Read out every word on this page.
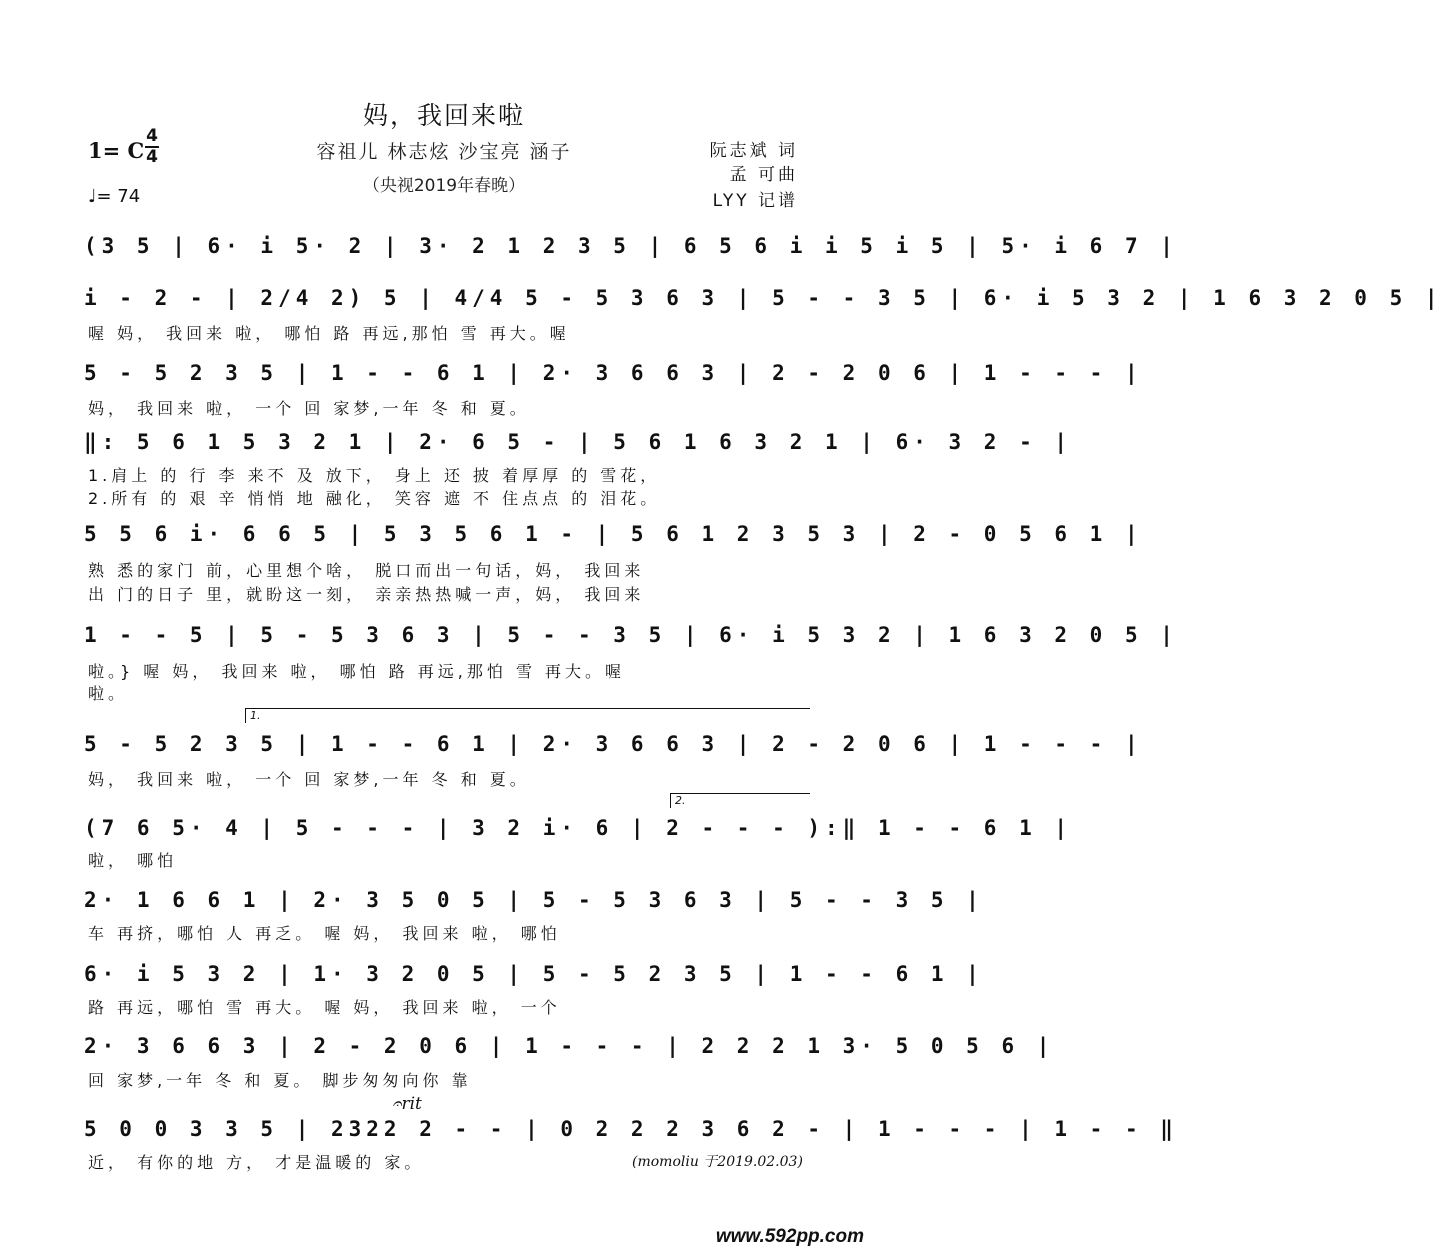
妈，我回来啦
容祖儿 林志炫 沙宝亮 涵子
（央视2019年春晚）
1= C
4
4
♩= 74
阮志斌 词
孟 可曲
LYY 记谱
(3 5 | 6· i 5· 2 | 3· 2 1 2 3 5 | 6 5 6 i i 5 i 5 | 5· i 6 7 |
i - 2 - | 2/4 2) 5 | 4/4 5 - 5 3 6 3 | 5 - - 3 5 | 6· i 5 3 2 | 1 6 3 2 0 5 |
喔 妈， 我回来 啦， 哪怕 路 再远,那怕 雪 再大。喔
5 - 5 2 3 5 | 1 - - 6 1 | 2· 3 6 6 3 | 2 - 2 0 6 | 1 - - - |
妈， 我回来 啦， 一个 回 家梦,一年 冬 和 夏。
‖: 5 6 1 5 3 2 1 | 2· 6 5 - | 5 6 1 6 3 2 1 | 6· 3 2 - |
1.肩上 的 行 李 来不 及 放下， 身上 还 披 着厚厚 的 雪花，
2.所有 的 艰 辛 悄悄 地 融化， 笑容 遮 不 住点点 的 泪花。
5 5 6 i· 6 6 5 | 5 3 5 6 1 - | 5 6 1 2 3 5 3 | 2 - 0 5 6 1 |
熟 悉的家门 前，心里想个啥， 脱口而出一句话，妈， 我回来
出 门的日子 里，就盼这一刻， 亲亲热热喊一声，妈， 我回来
1 - - 5 | 5 - 5 3 6 3 | 5 - - 3 5 | 6· i 5 3 2 | 1 6 3 2 0 5 |
啦。} 喔 妈， 我回来 啦， 哪怕 路 再远,那怕 雪 再大。喔
啦。
1.
5 - 5 2 3 5 | 1 - - 6 1 | 2· 3 6 6 3 | 2 - 2 0 6 | 1 - - - |
妈， 我回来 啦， 一个 回 家梦,一年 冬 和 夏。
2.
(7 6 5· 4 | 5 - - - | 3 2 i· 6 | 2 - - - ):‖ 1 - - 6 1 |
啦， 哪怕
2· 1 6 6 1 | 2· 3 5 0 5 | 5 - 5 3 6 3 | 5 - - 3 5 |
车 再挤，哪怕 人 再乏。 喔 妈， 我回来 啦， 哪怕
6· i 5 3 2 | 1· 3 2 0 5 | 5 - 5 2 3 5 | 1 - - 6 1 |
路 再远，哪怕 雪 再大。 喔 妈， 我回来 啦， 一个
2· 3 6 6 3 | 2 - 2 0 6 | 1 - - - | 2 2 2 1 3· 5 0 5 6 |
回 家梦,一年 冬 和 夏。 脚步匆匆向你 靠
𝄐rit
5 0 0 3 3 5 | 2322 2 - - | 0 2 2 2 3 6 2 - | 1 - - - | 1 - - ‖
近， 有你的地 方， 才是温暖的 家。	(momoliu 于2019.02.03)
www.592pp.com
